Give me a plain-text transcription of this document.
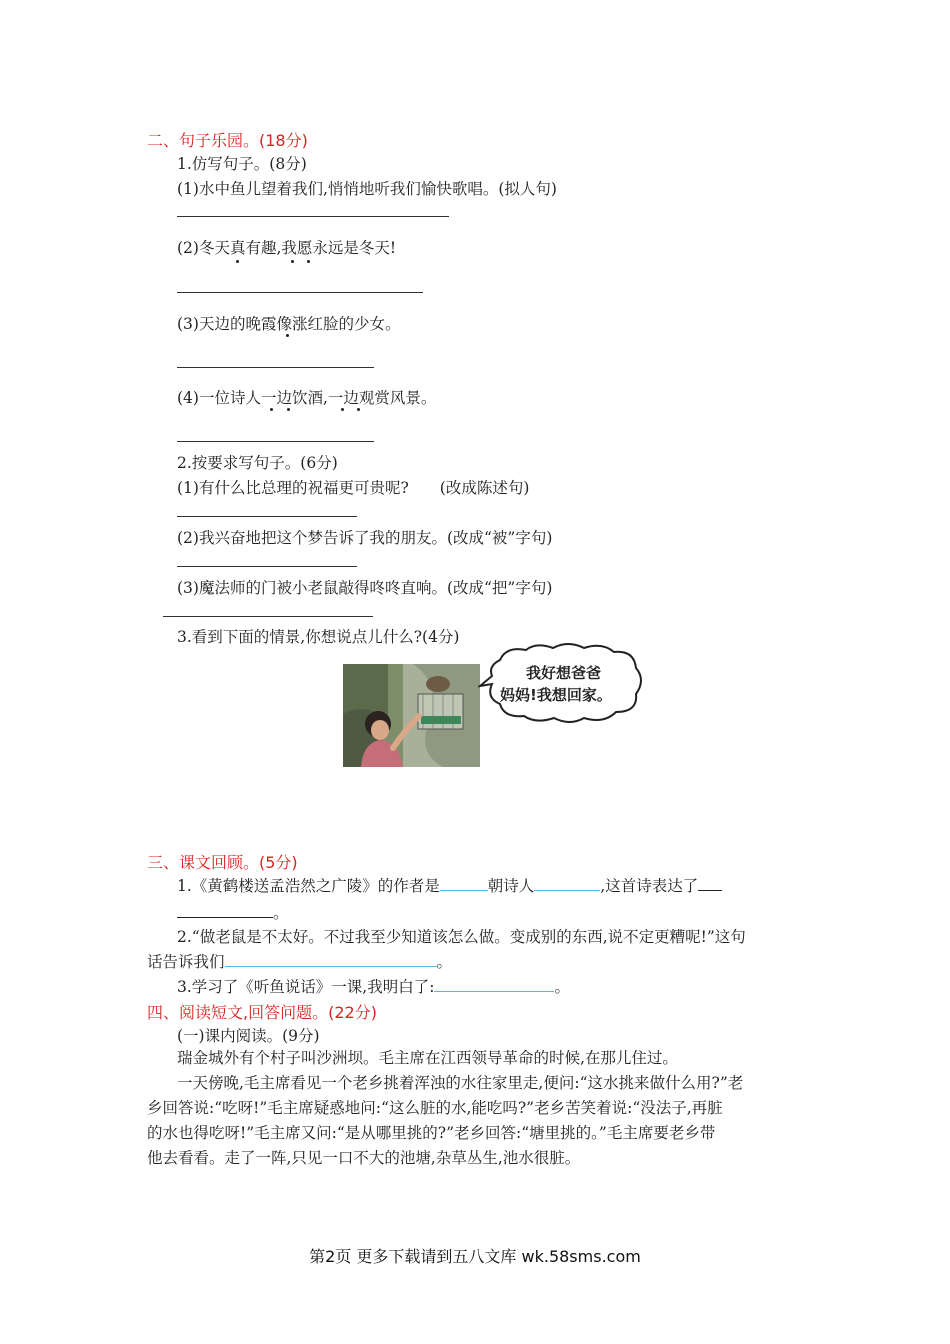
二、句子乐园。(18分)
1.仿写句子。(8分)
(1)水中鱼儿望着我们,悄悄地听我们愉快歌唱。(拟人句)
(2)冬天真有趣,我愿永远是冬天!
(3)天边的晚霞像涨红脸的少女。
(4)一位诗人一边饮酒,一边观赏风景。
2.按要求写句子。(6分)
(1)有什么比总理的祝福更可贵呢?　　(改成陈述句)
(2)我兴奋地把这个梦告诉了我的朋友。(改成“被”字句)
(3)魔法师的门被小老鼠敲得咚咚直响。(改成“把”字句)
3.看到下面的情景,你想说点儿什么?(4分)
我好想爸爸
妈妈!我想回家。
三、课文回顾。(5分)
1.《黄鹤楼送孟浩然之广陵》的作者是	朝诗人	,这首诗表达了
。
2.“做老鼠是不太好。不过我至少知道该怎么做。变成别的东西,说不定更糟呢!”这句
话告诉我们	。
3.学习了《听鱼说话》一课,我明白了:	。
四、阅读短文,回答问题。(22分)
(一)课内阅读。(9分)
瑞金城外有个村子叫沙洲坝。毛主席在江西领导革命的时候,在那儿住过。
一天傍晚,毛主席看见一个老乡挑着浑浊的水往家里走,便问:“这水挑来做什么用?”老
乡回答说:“吃呀!”毛主席疑惑地问:“这么脏的水,能吃吗?”老乡苦笑着说:“没法子,再脏
的水也得吃呀!”毛主席又问:“是从哪里挑的?”老乡回答:“塘里挑的。”毛主席要老乡带
他去看看。走了一阵,只见一口不大的池塘,杂草丛生,池水很脏。
第2页 更多下载请到五八文库 wk.58sms.com
